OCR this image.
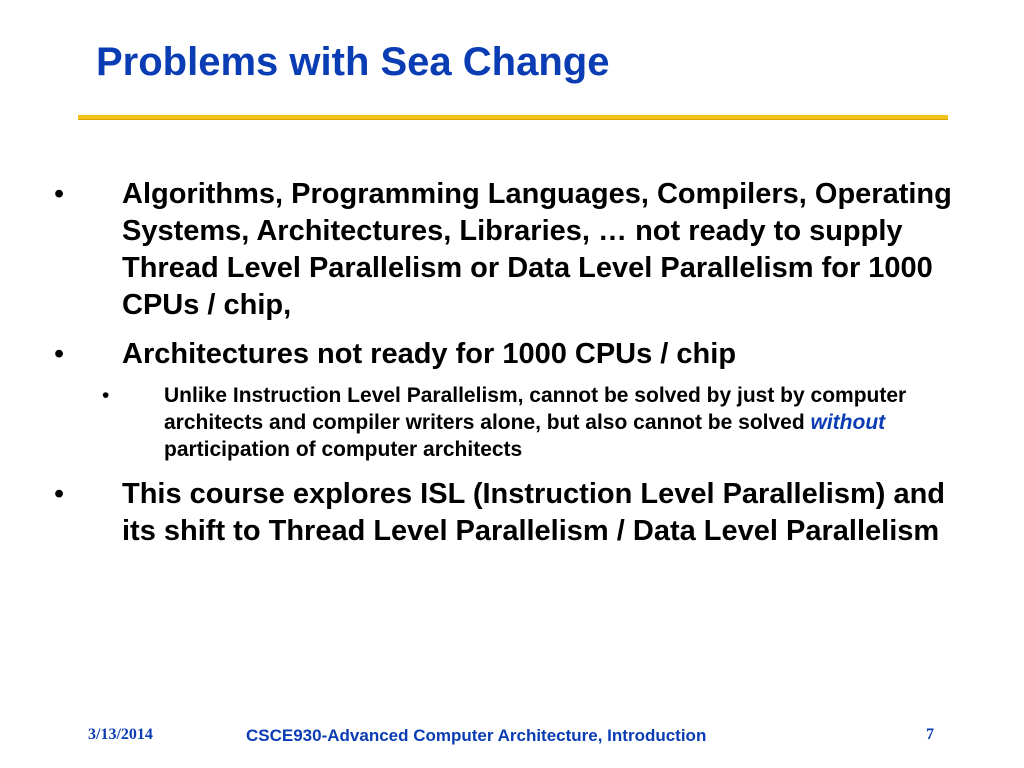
Problems with Sea Change
•	Algorithms, Programming Languages, Compilers, Operating Systems, Architectures, Libraries, … not ready to supply Thread Level Parallelism or Data Level Parallelism for 1000 CPUs / chip,
•	Architectures not ready for 1000 CPUs / chip
•	Unlike Instruction Level Parallelism, cannot be solved by just by computer architects and compiler writers alone, but also cannot be solved without participation of computer architects
•	This course explores ISL (Instruction Level Parallelism) and its shift to Thread Level Parallelism / Data Level Parallelism
3/13/2014	CSCE930-Advanced Computer Architecture, Introduction	7
